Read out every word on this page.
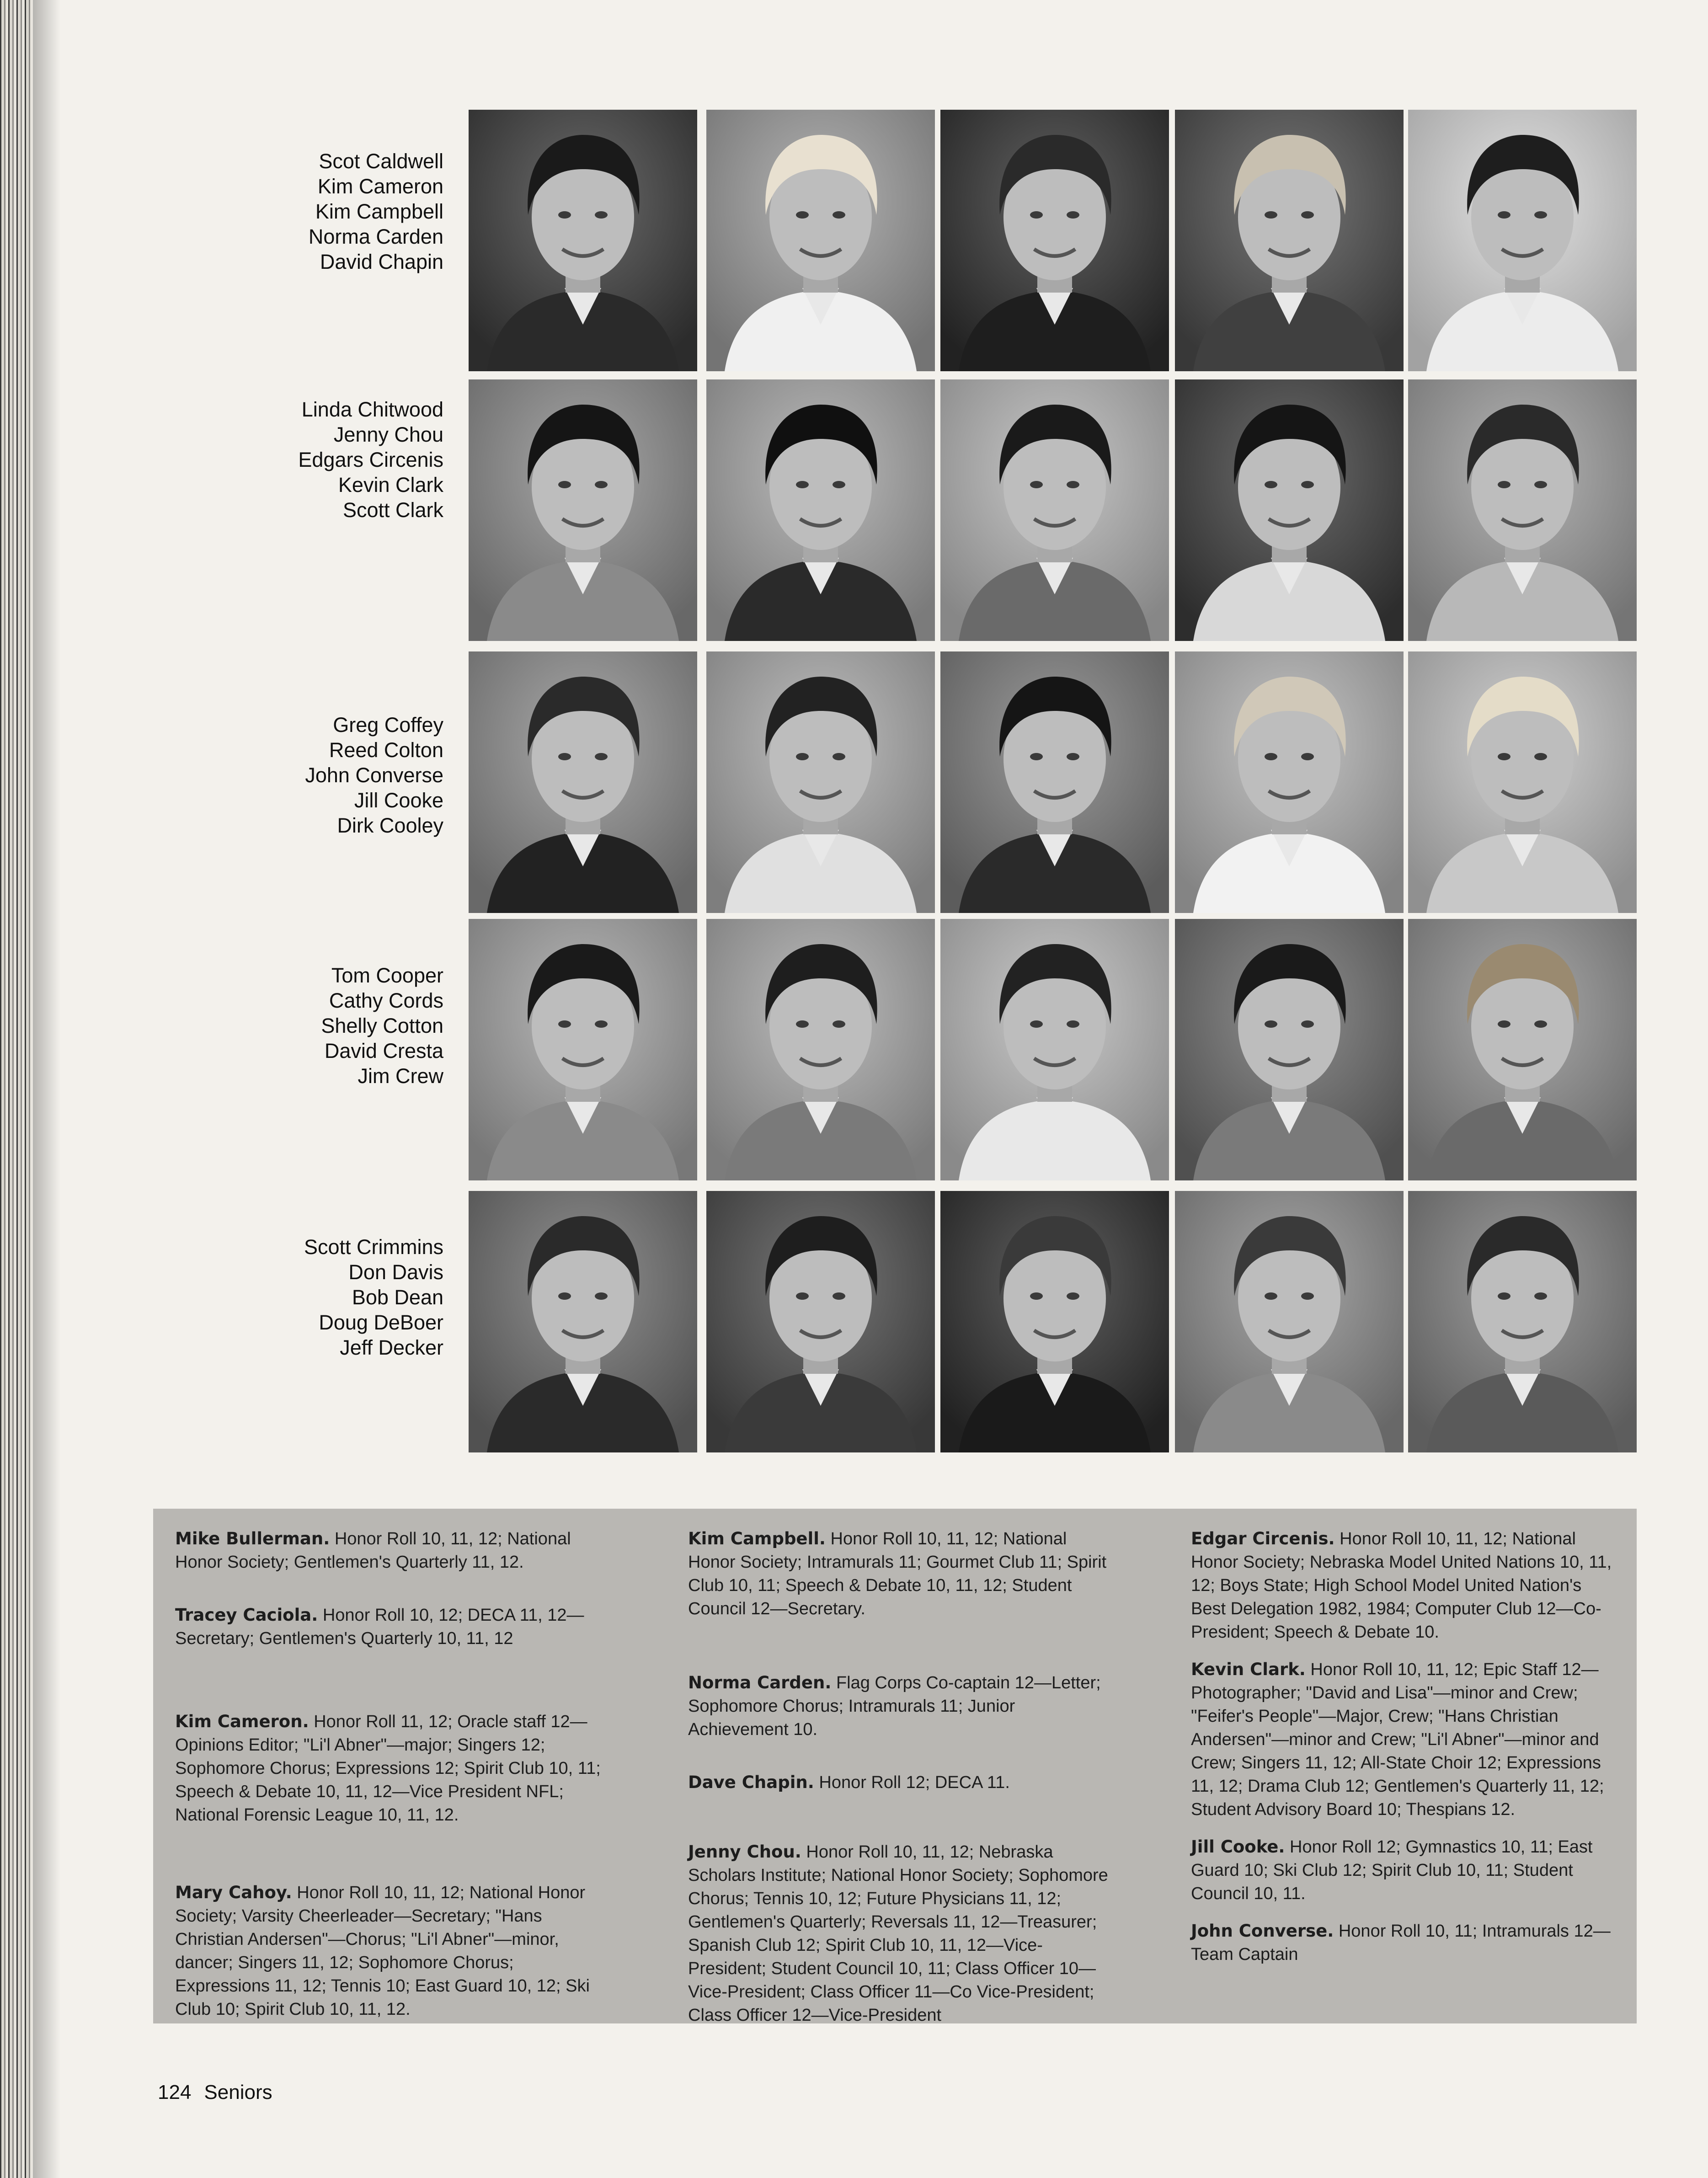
Scot Caldwell
Kim Cameron
Kim Campbell
Norma Carden
David Chapin
Linda Chitwood
Jenny Chou
Edgars Circenis
Kevin Clark
Scott Clark
Greg Coffey
Reed Colton
John Converse
Jill Cooke
Dirk Cooley
Tom Cooper
Cathy Cords
Shelly Cotton
David Cresta
Jim Crew
Scott Crimmins
Don Davis
Bob Dean
Doug DeBoer
Jeff Decker

Mike Bullerman. Honor Roll 10, 11, 12; National Honor Society; Gentlemen's Quarterly 11, 12.

Tracey Caciola. Honor Roll 10, 12; DECA 11, 12—Secretary; Gentlemen's Quarterly 10, 11, 12

Kim Cameron. Honor Roll 11, 12; Oracle staff 12—Opinions Editor; "Li'l Abner"—major; Singers 12; Sophomore Chorus; Expressions 12; Spirit Club 10, 11; Speech & Debate 10, 11, 12—Vice President NFL; National Forensic League 10, 11, 12.

Mary Cahoy. Honor Roll 10, 11, 12; National Honor Society; Varsity Cheerleader—Secretary; "Hans Christian Andersen"—Chorus; "Li'l Abner"—minor, dancer; Singers 11, 12; Sophomore Chorus; Expressions 11, 12; Tennis 10; East Guard 10, 12; Ski Club 10; Spirit Club 10, 11, 12.

Kim Campbell. Honor Roll 10, 11, 12; National Honor Society; Intramurals 11; Gourmet Club 11; Spirit Club 10, 11; Speech & Debate 10, 11, 12; Student Council 12—Secretary.

Norma Carden. Flag Corps Co-captain 12—Letter; Sophomore Chorus; Intramurals 11; Junior Achievement 10.

Dave Chapin. Honor Roll 12; DECA 11.

Jenny Chou. Honor Roll 10, 11, 12; Nebraska Scholars Institute; National Honor Society; Sophomore Chorus; Tennis 10, 12; Future Physicians 11, 12; Gentlemen's Quarterly; Reversals 11, 12—Treasurer; Spanish Club 12; Spirit Club 10, 11, 12—Vice-President; Student Council 10, 11; Class Officer 10—Vice-President; Class Officer 11—Co Vice-President; Class Officer 12—Vice-President

Edgar Circenis. Honor Roll 10, 11, 12; National Honor Society; Nebraska Model United Nations 10, 11, 12; Boys State; High School Model United Nation's Best Delegation 1982, 1984; Computer Club 12—Co-President; Speech & Debate 10.

Kevin Clark. Honor Roll 10, 11, 12; Epic Staff 12—Photographer; "David and Lisa"—minor and Crew; "Feifer's People"—Major, Crew; "Hans Christian Andersen"—minor and Crew; "Li'l Abner"—minor and Crew; Singers 11, 12; All-State Choir 12; Expressions 11, 12; Drama Club 12; Gentlemen's Quarterly 11, 12; Student Advisory Board 10; Thespians 12.

Jill Cooke. Honor Roll 12; Gymnastics 10, 11; East Guard 10; Ski Club 12; Spirit Club 10, 11; Student Council 10, 11.

John Converse. Honor Roll 10, 11; Intramurals 12—Team Captain

124 Seniors
